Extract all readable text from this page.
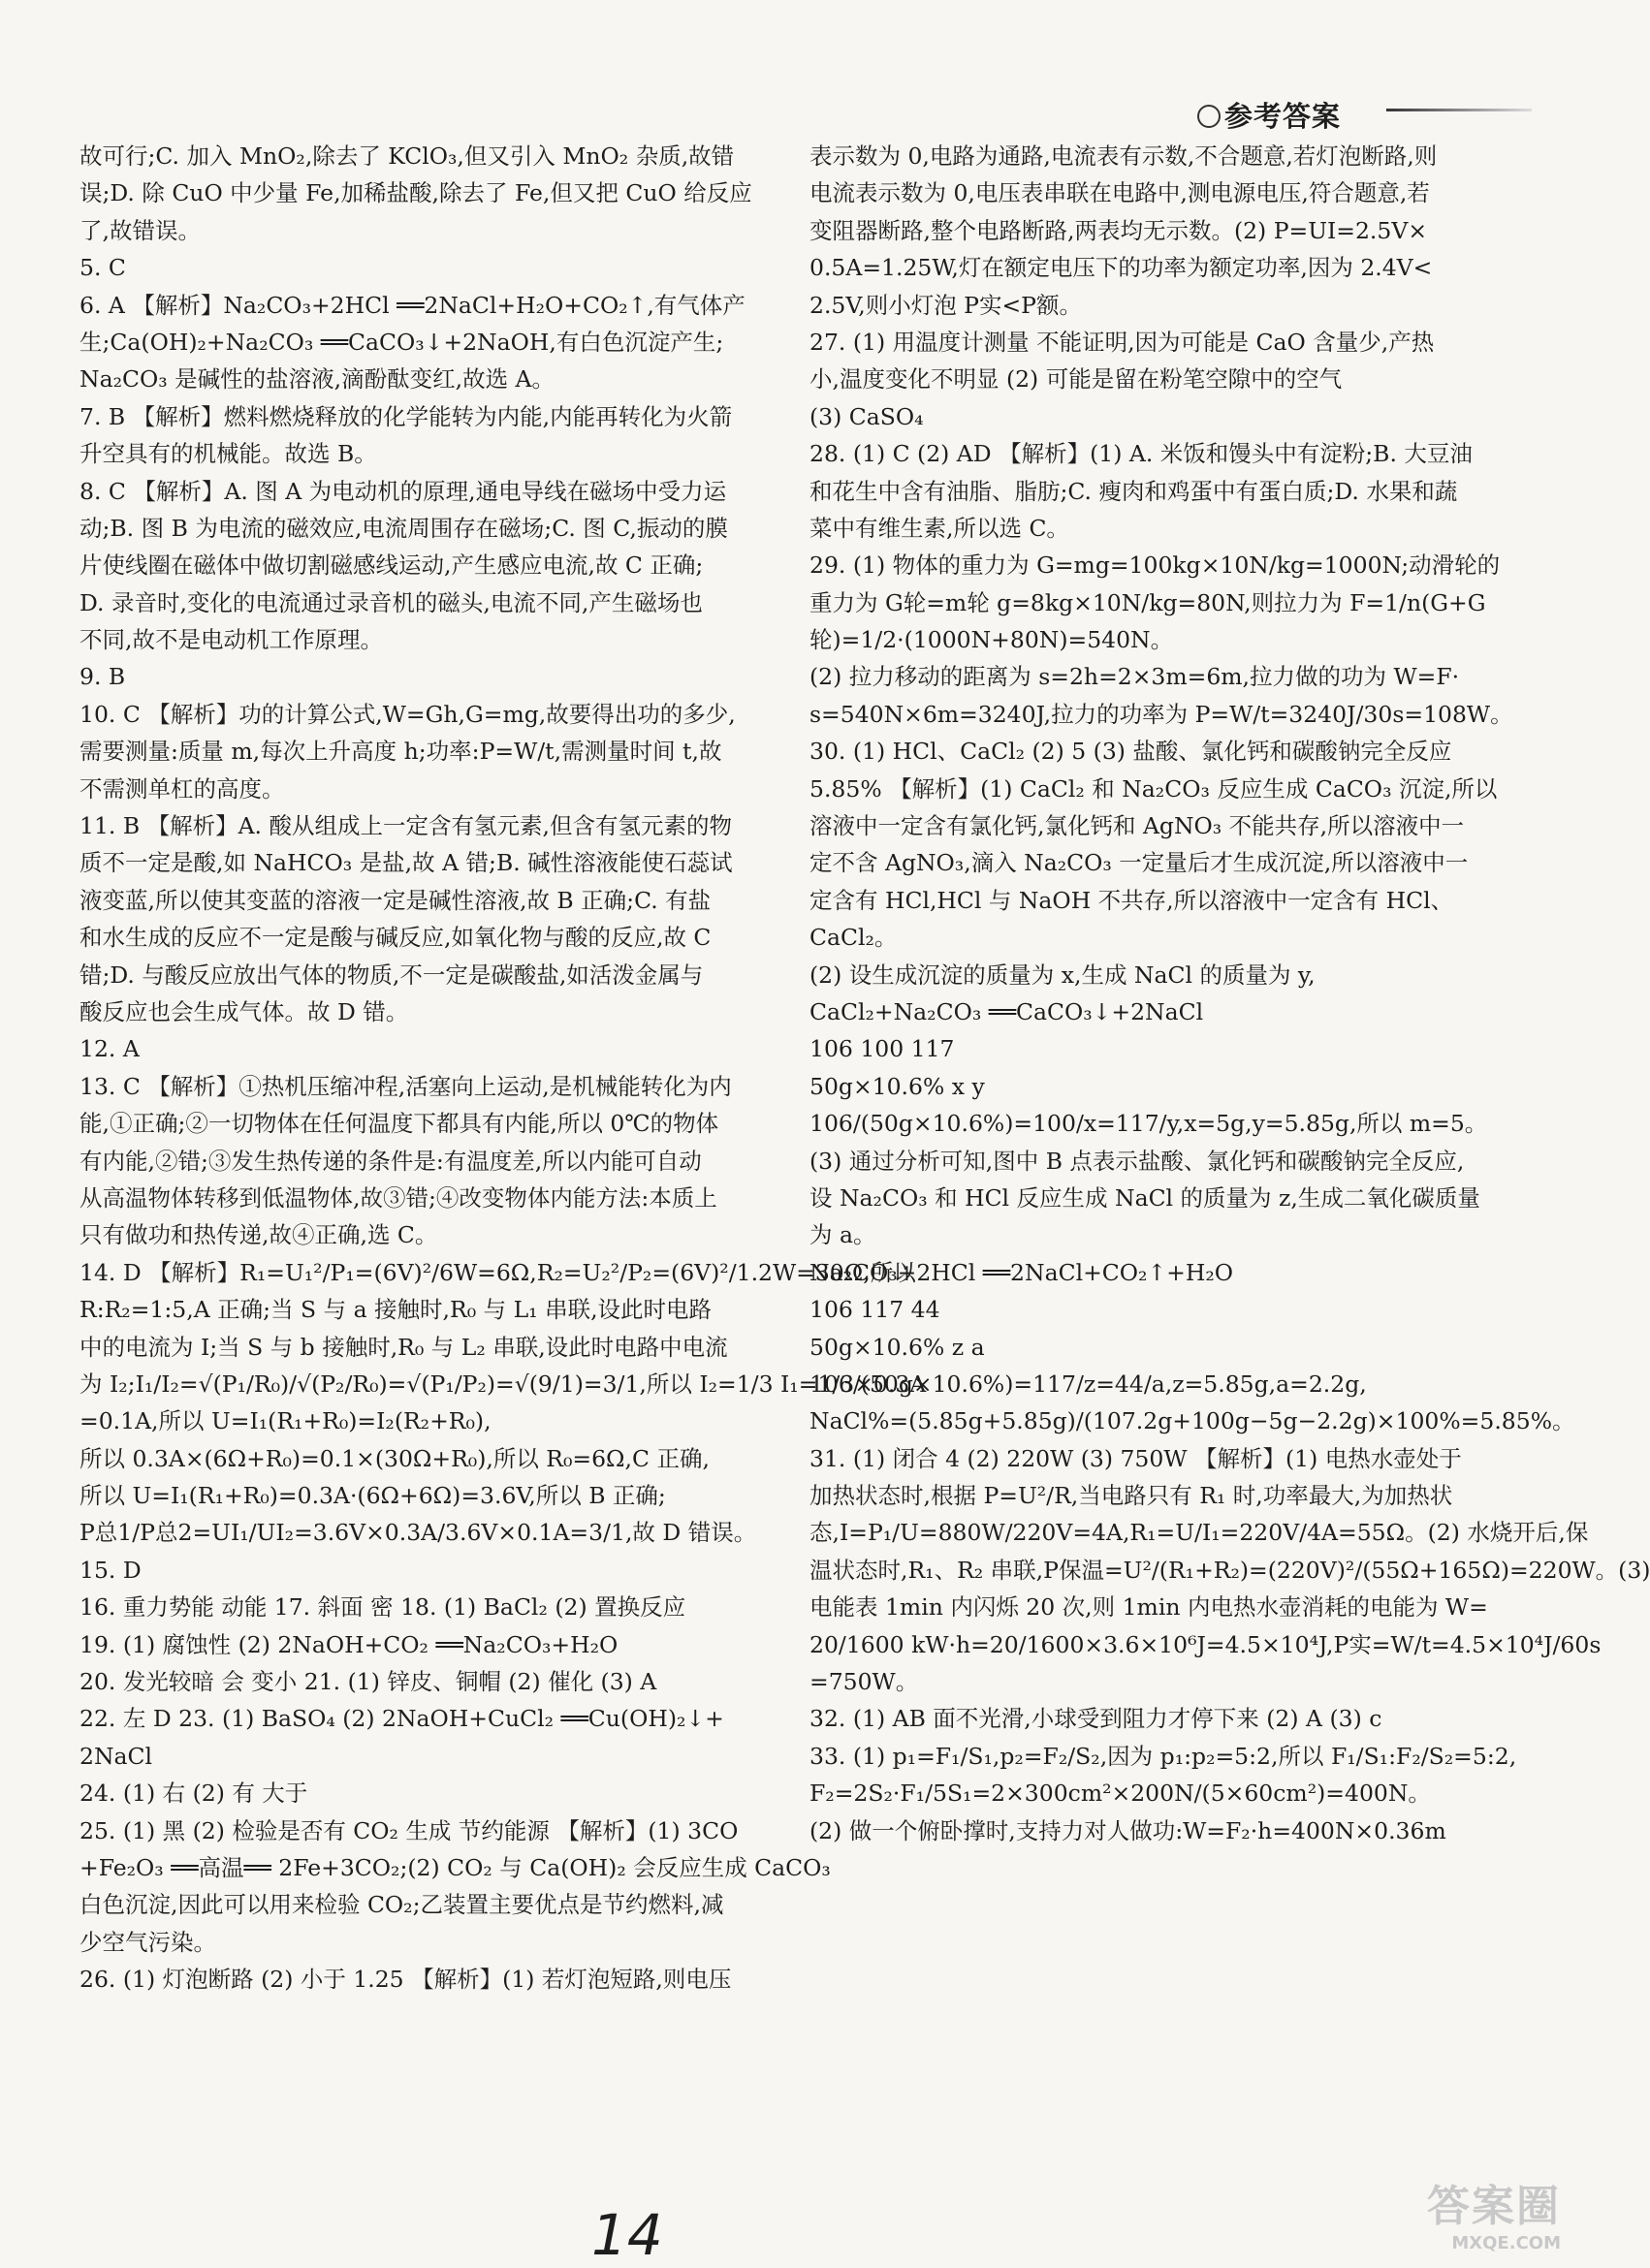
参考答案
故可行;C. 加入 MnO₂,除去了 KClO₃,但又引入 MnO₂ 杂质,故错
误;D. 除 CuO 中少量 Fe,加稀盐酸,除去了 Fe,但又把 CuO 给反应
了,故错误。
5. C
6. A 【解析】Na₂CO₃+2HCl ══2NaCl+H₂O+CO₂↑,有气体产
生;Ca(OH)₂+Na₂CO₃ ══CaCO₃↓+2NaOH,有白色沉淀产生;
Na₂CO₃ 是碱性的盐溶液,滴酚酞变红,故选 A。
7. B 【解析】燃料燃烧释放的化学能转为内能,内能再转化为火箭
升空具有的机械能。故选 B。
8. C 【解析】A. 图 A 为电动机的原理,通电导线在磁场中受力运
动;B. 图 B 为电流的磁效应,电流周围存在磁场;C. 图 C,振动的膜
片使线圈在磁体中做切割磁感线运动,产生感应电流,故 C 正确;
D. 录音时,变化的电流通过录音机的磁头,电流不同,产生磁场也
不同,故不是电动机工作原理。
9. B
10. C 【解析】功的计算公式,W=Gh,G=mg,故要得出功的多少,
需要测量:质量 m,每次上升高度 h;功率:P=W/t,需测量时间 t,故
不需测单杠的高度。
11. B 【解析】A. 酸从组成上一定含有氢元素,但含有氢元素的物
质不一定是酸,如 NaHCO₃ 是盐,故 A 错;B. 碱性溶液能使石蕊试
液变蓝,所以使其变蓝的溶液一定是碱性溶液,故 B 正确;C. 有盐
和水生成的反应不一定是酸与碱反应,如氧化物与酸的反应,故 C
错;D. 与酸反应放出气体的物质,不一定是碳酸盐,如活泼金属与
酸反应也会生成气体。故 D 错。
12. A
13. C 【解析】①热机压缩冲程,活塞向上运动,是机械能转化为内
能,①正确;②一切物体在任何温度下都具有内能,所以 0℃的物体
有内能,②错;③发生热传递的条件是:有温度差,所以内能可自动
从高温物体转移到低温物体,故③错;④改变物体内能方法:本质上
只有做功和热传递,故④正确,选 C。
14. D 【解析】R₁=U₁²/P₁=(6V)²/6W=6Ω,R₂=U₂²/P₂=(6V)²/1.2W=30Ω,所以
R:R₂=1:5,A 正确;当 S 与 a 接触时,R₀ 与 L₁ 串联,设此时电路
中的电流为 I;当 S 与 b 接触时,R₀ 与 L₂ 串联,设此时电路中电流
为 I₂;I₁/I₂=√(P₁/R₀)/√(P₂/R₀)=√(P₁/P₂)=√(9/1)=3/1,所以 I₂=1/3 I₁=1/3×0.3A
=0.1A,所以 U=I₁(R₁+R₀)=I₂(R₂+R₀),
所以 0.3A×(6Ω+R₀)=0.1×(30Ω+R₀),所以 R₀=6Ω,C 正确,
所以 U=I₁(R₁+R₀)=0.3A·(6Ω+6Ω)=3.6V,所以 B 正确;
P总1/P总2=UI₁/UI₂=3.6V×0.3A/3.6V×0.1A=3/1,故 D 错误。
15. D
16. 重力势能 动能 17. 斜面 密 18. (1) BaCl₂ (2) 置换反应
19. (1) 腐蚀性 (2) 2NaOH+CO₂ ══Na₂CO₃+H₂O
20. 发光较暗 会 变小 21. (1) 锌皮、铜帽 (2) 催化 (3) A
22. 左 D 23. (1) BaSO₄ (2) 2NaOH+CuCl₂ ══Cu(OH)₂↓+
2NaCl
24. (1) 右 (2) 有 大于
25. (1) 黑 (2) 检验是否有 CO₂ 生成 节约能源 【解析】(1) 3CO
+Fe₂O₃ ══高温══ 2Fe+3CO₂;(2) CO₂ 与 Ca(OH)₂ 会反应生成 CaCO₃
白色沉淀,因此可以用来检验 CO₂;乙装置主要优点是节约燃料,减
少空气污染。
26. (1) 灯泡断路 (2) 小于 1.25 【解析】(1) 若灯泡短路,则电压
表示数为 0,电路为通路,电流表有示数,不合题意,若灯泡断路,则
电流表示数为 0,电压表串联在电路中,测电源电压,符合题意,若
变阻器断路,整个电路断路,两表均无示数。(2) P=UI=2.5V×
0.5A=1.25W,灯在额定电压下的功率为额定功率,因为 2.4V<
2.5V,则小灯泡 P实<P额。
27. (1) 用温度计测量 不能证明,因为可能是 CaO 含量少,产热
小,温度变化不明显 (2) 可能是留在粉笔空隙中的空气
(3) CaSO₄
28. (1) C (2) AD 【解析】(1) A. 米饭和馒头中有淀粉;B. 大豆油
和花生中含有油脂、脂肪;C. 瘦肉和鸡蛋中有蛋白质;D. 水果和蔬
菜中有维生素,所以选 C。
29. (1) 物体的重力为 G=mg=100kg×10N/kg=1000N;动滑轮的
重力为 G轮=m轮 g=8kg×10N/kg=80N,则拉力为 F=1/n(G+G
轮)=1/2·(1000N+80N)=540N。
(2) 拉力移动的距离为 s=2h=2×3m=6m,拉力做的功为 W=F·
s=540N×6m=3240J,拉力的功率为 P=W/t=3240J/30s=108W。
30. (1) HCl、CaCl₂ (2) 5 (3) 盐酸、氯化钙和碳酸钠完全反应
5.85% 【解析】(1) CaCl₂ 和 Na₂CO₃ 反应生成 CaCO₃ 沉淀,所以
溶液中一定含有氯化钙,氯化钙和 AgNO₃ 不能共存,所以溶液中一
定不含 AgNO₃,滴入 Na₂CO₃ 一定量后才生成沉淀,所以溶液中一
定含有 HCl,HCl 与 NaOH 不共存,所以溶液中一定含有 HCl、
CaCl₂。
(2) 设生成沉淀的质量为 x,生成 NaCl 的质量为 y,
CaCl₂+Na₂CO₃ ══CaCO₃↓+2NaCl
106 100 117
50g×10.6% x y
106/(50g×10.6%)=100/x=117/y,x=5g,y=5.85g,所以 m=5。
(3) 通过分析可知,图中 B 点表示盐酸、氯化钙和碳酸钠完全反应,
设 Na₂CO₃ 和 HCl 反应生成 NaCl 的质量为 z,生成二氧化碳质量
为 a。
Na₂CO₃+2HCl ══2NaCl+CO₂↑+H₂O
106 117 44
50g×10.6% z a
106/(50g×10.6%)=117/z=44/a,z=5.85g,a=2.2g,
NaCl%=(5.85g+5.85g)/(107.2g+100g−5g−2.2g)×100%=5.85%。
31. (1) 闭合 4 (2) 220W (3) 750W 【解析】(1) 电热水壶处于
加热状态时,根据 P=U²/R,当电路只有 R₁ 时,功率最大,为加热状
态,I=P₁/U=880W/220V=4A,R₁=U/I₁=220V/4A=55Ω。(2) 水烧开后,保
温状态时,R₁、R₂ 串联,P保温=U²/(R₁+R₂)=(220V)²/(55Ω+165Ω)=220W。(3)
电能表 1min 内闪烁 20 次,则 1min 内电热水壶消耗的电能为 W=
20/1600 kW·h=20/1600×3.6×10⁶J=4.5×10⁴J,P实=W/t=4.5×10⁴J/60s
=750W。
32. (1) AB 面不光滑,小球受到阻力才停下来 (2) A (3) c
33. (1) p₁=F₁/S₁,p₂=F₂/S₂,因为 p₁:p₂=5:2,所以 F₁/S₁:F₂/S₂=5:2,
F₂=2S₂·F₁/5S₁=2×300cm²×200N/(5×60cm²)=400N。
(2) 做一个俯卧撑时,支持力对人做功:W=F₂·h=400N×0.36m
14	答案圈
MXQE.COM
